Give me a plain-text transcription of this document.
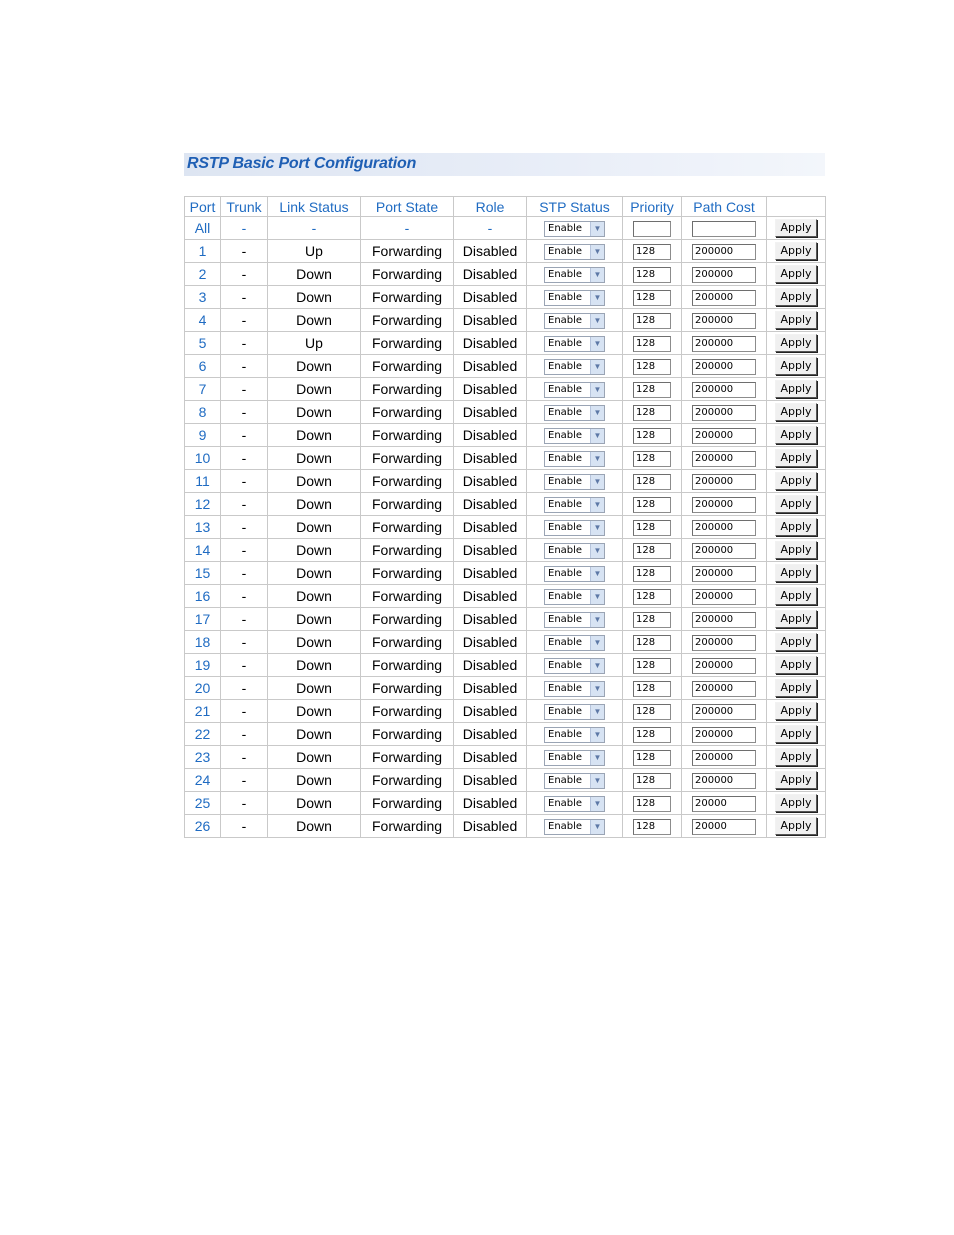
RSTP Basic Port Configuration
Port	Trunk	Link Status	Port State	Role	STP Status	Priority	Path Cost	
All	-	-	-	-	Enable ▼			Apply
1	-	Up	Forwarding	Disabled	Enable ▼	128	200000	Apply
2	-	Down	Forwarding	Disabled	Enable ▼	128	200000	Apply
3	-	Down	Forwarding	Disabled	Enable ▼	128	200000	Apply
4	-	Down	Forwarding	Disabled	Enable ▼	128	200000	Apply
5	-	Up	Forwarding	Disabled	Enable ▼	128	200000	Apply
6	-	Down	Forwarding	Disabled	Enable ▼	128	200000	Apply
7	-	Down	Forwarding	Disabled	Enable ▼	128	200000	Apply
8	-	Down	Forwarding	Disabled	Enable ▼	128	200000	Apply
9	-	Down	Forwarding	Disabled	Enable ▼	128	200000	Apply
10	-	Down	Forwarding	Disabled	Enable ▼	128	200000	Apply
11	-	Down	Forwarding	Disabled	Enable ▼	128	200000	Apply
12	-	Down	Forwarding	Disabled	Enable ▼	128	200000	Apply
13	-	Down	Forwarding	Disabled	Enable ▼	128	200000	Apply
14	-	Down	Forwarding	Disabled	Enable ▼	128	200000	Apply
15	-	Down	Forwarding	Disabled	Enable ▼	128	200000	Apply
16	-	Down	Forwarding	Disabled	Enable ▼	128	200000	Apply
17	-	Down	Forwarding	Disabled	Enable ▼	128	200000	Apply
18	-	Down	Forwarding	Disabled	Enable ▼	128	200000	Apply
19	-	Down	Forwarding	Disabled	Enable ▼	128	200000	Apply
20	-	Down	Forwarding	Disabled	Enable ▼	128	200000	Apply
21	-	Down	Forwarding	Disabled	Enable ▼	128	200000	Apply
22	-	Down	Forwarding	Disabled	Enable ▼	128	200000	Apply
23	-	Down	Forwarding	Disabled	Enable ▼	128	200000	Apply
24	-	Down	Forwarding	Disabled	Enable ▼	128	200000	Apply
25	-	Down	Forwarding	Disabled	Enable ▼	128	20000	Apply
26	-	Down	Forwarding	Disabled	Enable ▼	128	20000	Apply
